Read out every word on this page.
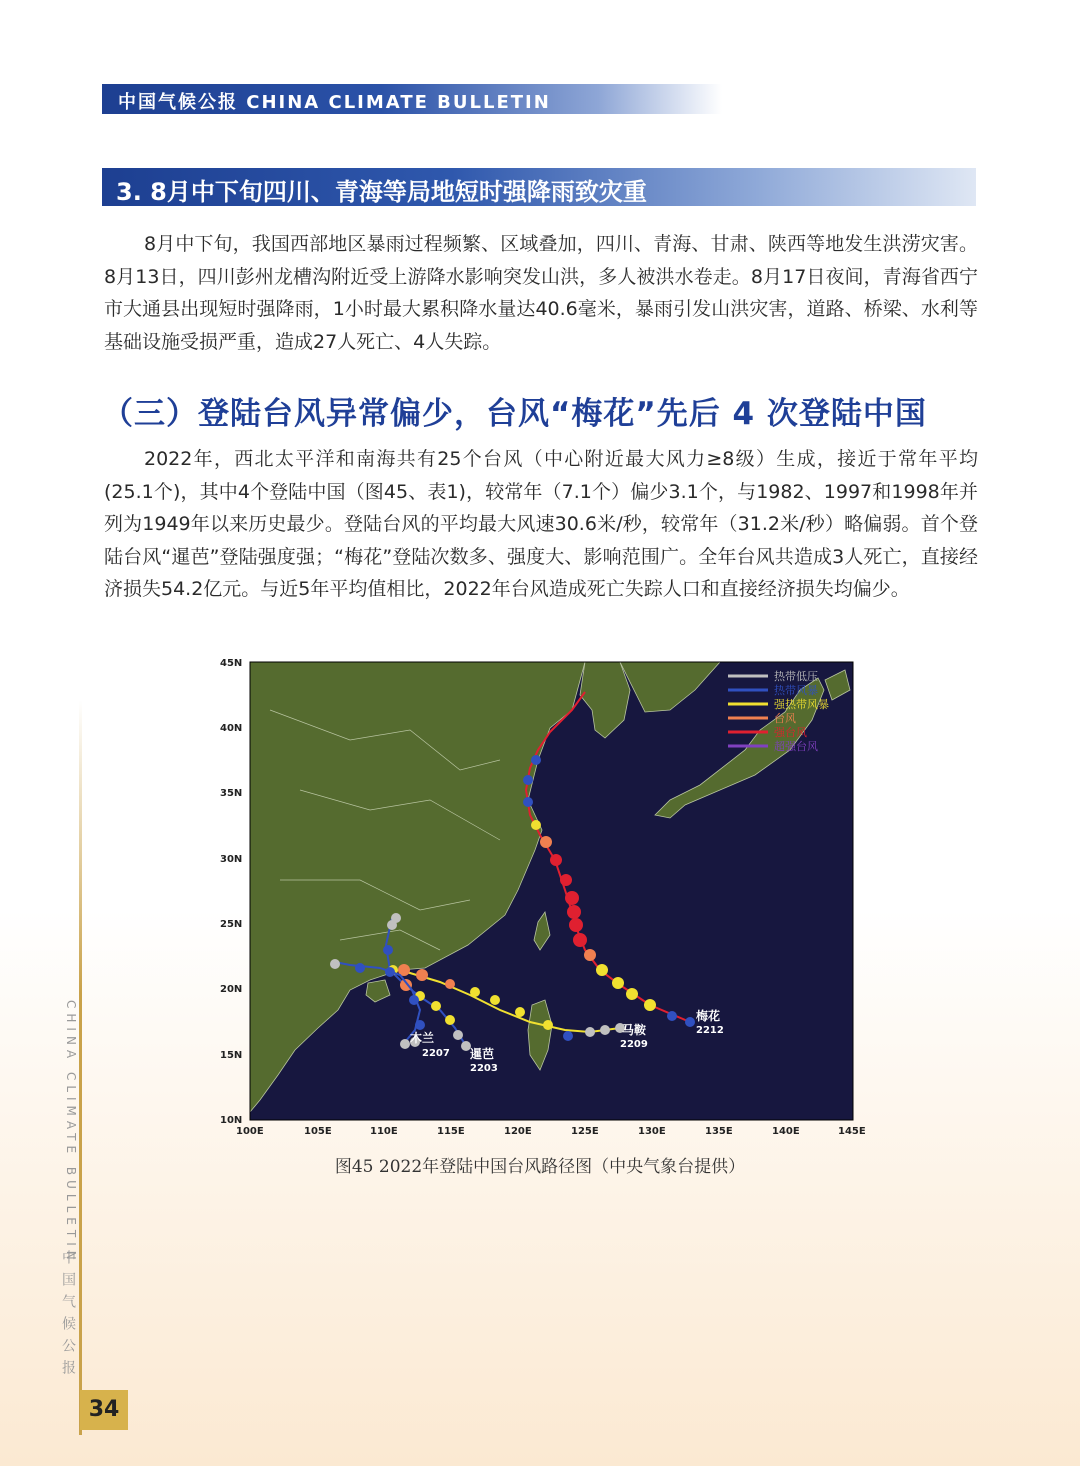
中国气候公报 CHINA CLIMATE BULLETIN
3. 8月中下旬四川、青海等局地短时强降雨致灾重
8月中下旬，我国西部地区暴雨过程频繁、区域叠加，四川、青海、甘肃、陕西等地发生洪涝灾害。8月13日，四川彭州龙槽沟附近受上游降水影响突发山洪，多人被洪水卷走。8月17日夜间，青海省西宁市大通县出现短时强降雨，1小时最大累积降水量达40.6毫米，暴雨引发山洪灾害，道路、桥梁、水利等基础设施受损严重，造成27人死亡、4人失踪。
（三）登陆台风异常偏少，台风“梅花”先后 4 次登陆中国
2022年，西北太平洋和南海共有25个台风（中心附近最大风力≥8级）生成，接近于常年平均(25.1个)，其中4个登陆中国（图45、表1)，较常年（7.1个）偏少3.1个，与1982、1997和1998年并列为1949年以来历史最少。登陆台风的平均最大风速30.6米/秒，较常年（31.2米/秒）略偏弱。首个登陆台风“暹芭”登陆强度强；“梅花”登陆次数多、强度大、影响范围广。全年台风共造成3人死亡，直接经济损失54.2亿元。与近5年平均值相比，2022年台风造成死亡失踪人口和直接经济损失均偏少。
热带低压
热带风暴
强热带风暴
台风
强台风
超强台风
梅花
2212
马鞍
2209
暹芭
2203
木兰
2207
45N
40N
35N
30N
25N
20N
15N
10N
100E	105E	110E	115E	120E	125E	130E	135E	140E	145E
图45 2022年登陆中国台风路径图（中央气象台提供）
CHINA CLIMATE BULLETIN
中国气候公报
34
